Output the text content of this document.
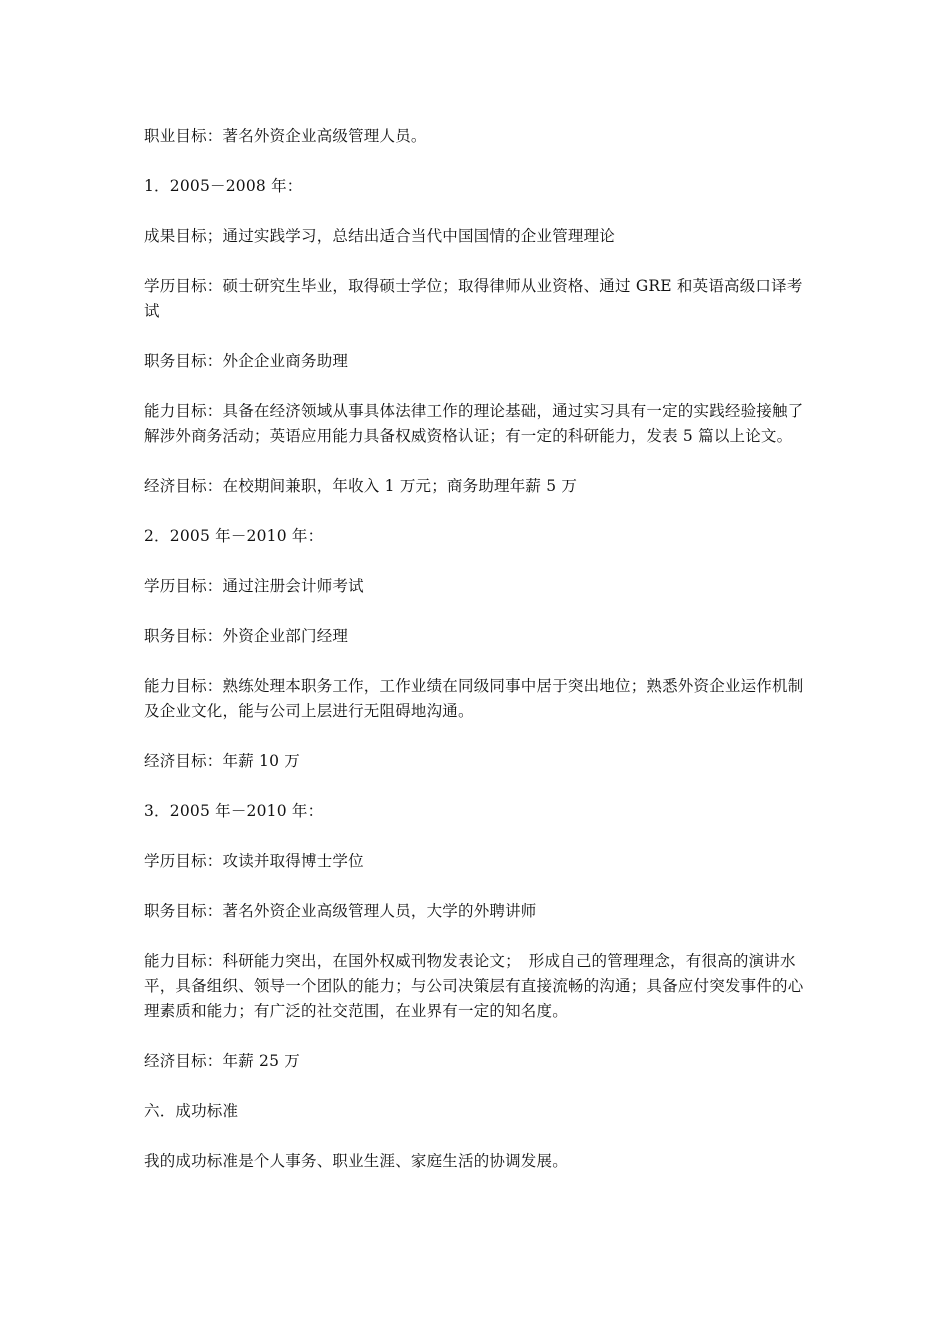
职业目标：著名外资企业高级管理人员。

1．2005－2008 年：

成果目标；通过实践学习，总结出适合当代中国国情的企业管理理论

学历目标：硕士研究生毕业，取得硕士学位；取得律师从业资格、通过 GRE 和英语高级口译考试

职务目标：外企企业商务助理

能力目标：具备在经济领域从事具体法律工作的理论基础，通过实习具有一定的实践经验接触了解涉外商务活动；英语应用能力具备权威资格认证；有一定的科研能力，发表 5 篇以上论文。

经济目标：在校期间兼职，年收入 1 万元；商务助理年薪 5 万

2．2005 年－2010 年：

学历目标：通过注册会计师考试

职务目标：外资企业部门经理

能力目标：熟练处理本职务工作，工作业绩在同级同事中居于突出地位；熟悉外资企业运作机制及企业文化，能与公司上层进行无阻碍地沟通。

经济目标：年薪 10 万

3．2005 年－2010 年：

学历目标：攻读并取得博士学位

职务目标：著名外资企业高级管理人员，大学的外聘讲师

能力目标：科研能力突出，在国外权威刊物发表论文；　形成自己的管理理念，有很高的演讲水平，具备组织、领导一个团队的能力；与公司决策层有直接流畅的沟通；具备应付突发事件的心理素质和能力；有广泛的社交范围，在业界有一定的知名度。

经济目标：年薪 25 万

六．成功标准

我的成功标准是个人事务、职业生涯、家庭生活的协调发展。
